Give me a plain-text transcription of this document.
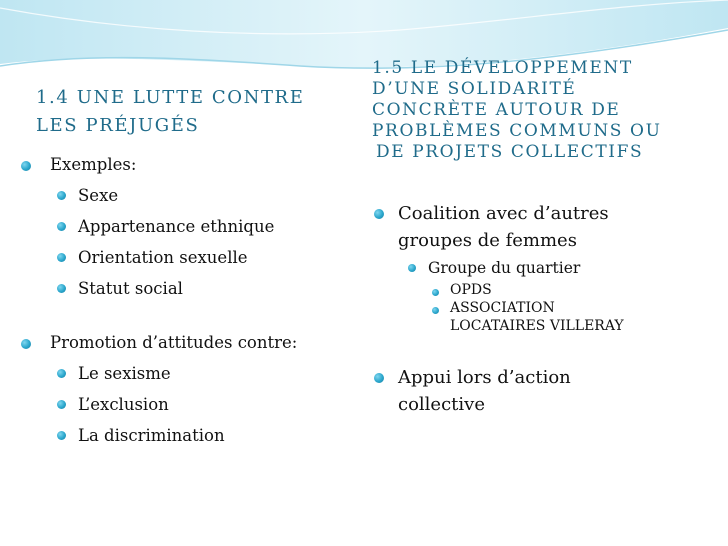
1.4 UNE LUTTE CONTRE
LES PRÉJUGÉS
1.5 LE DÉVELOPPEMENT
D’UNE SOLIDARITÉ
CONCRÈTE AUTOUR DE
PROBLÈMES COMMUNS OU
DE PROJETS COLLECTIFS
Exemples:
Sexe
Appartenance ethnique
Orientation sexuelle
Statut social
Promotion d’attitudes contre:
Le sexisme
L’exclusion
La discrimination
Coalition avec d’autres
groupes de femmes
Groupe du quartier
OPDS
ASSOCIATION
LOCATAIRES VILLERAY
Appui lors d’action
collective
